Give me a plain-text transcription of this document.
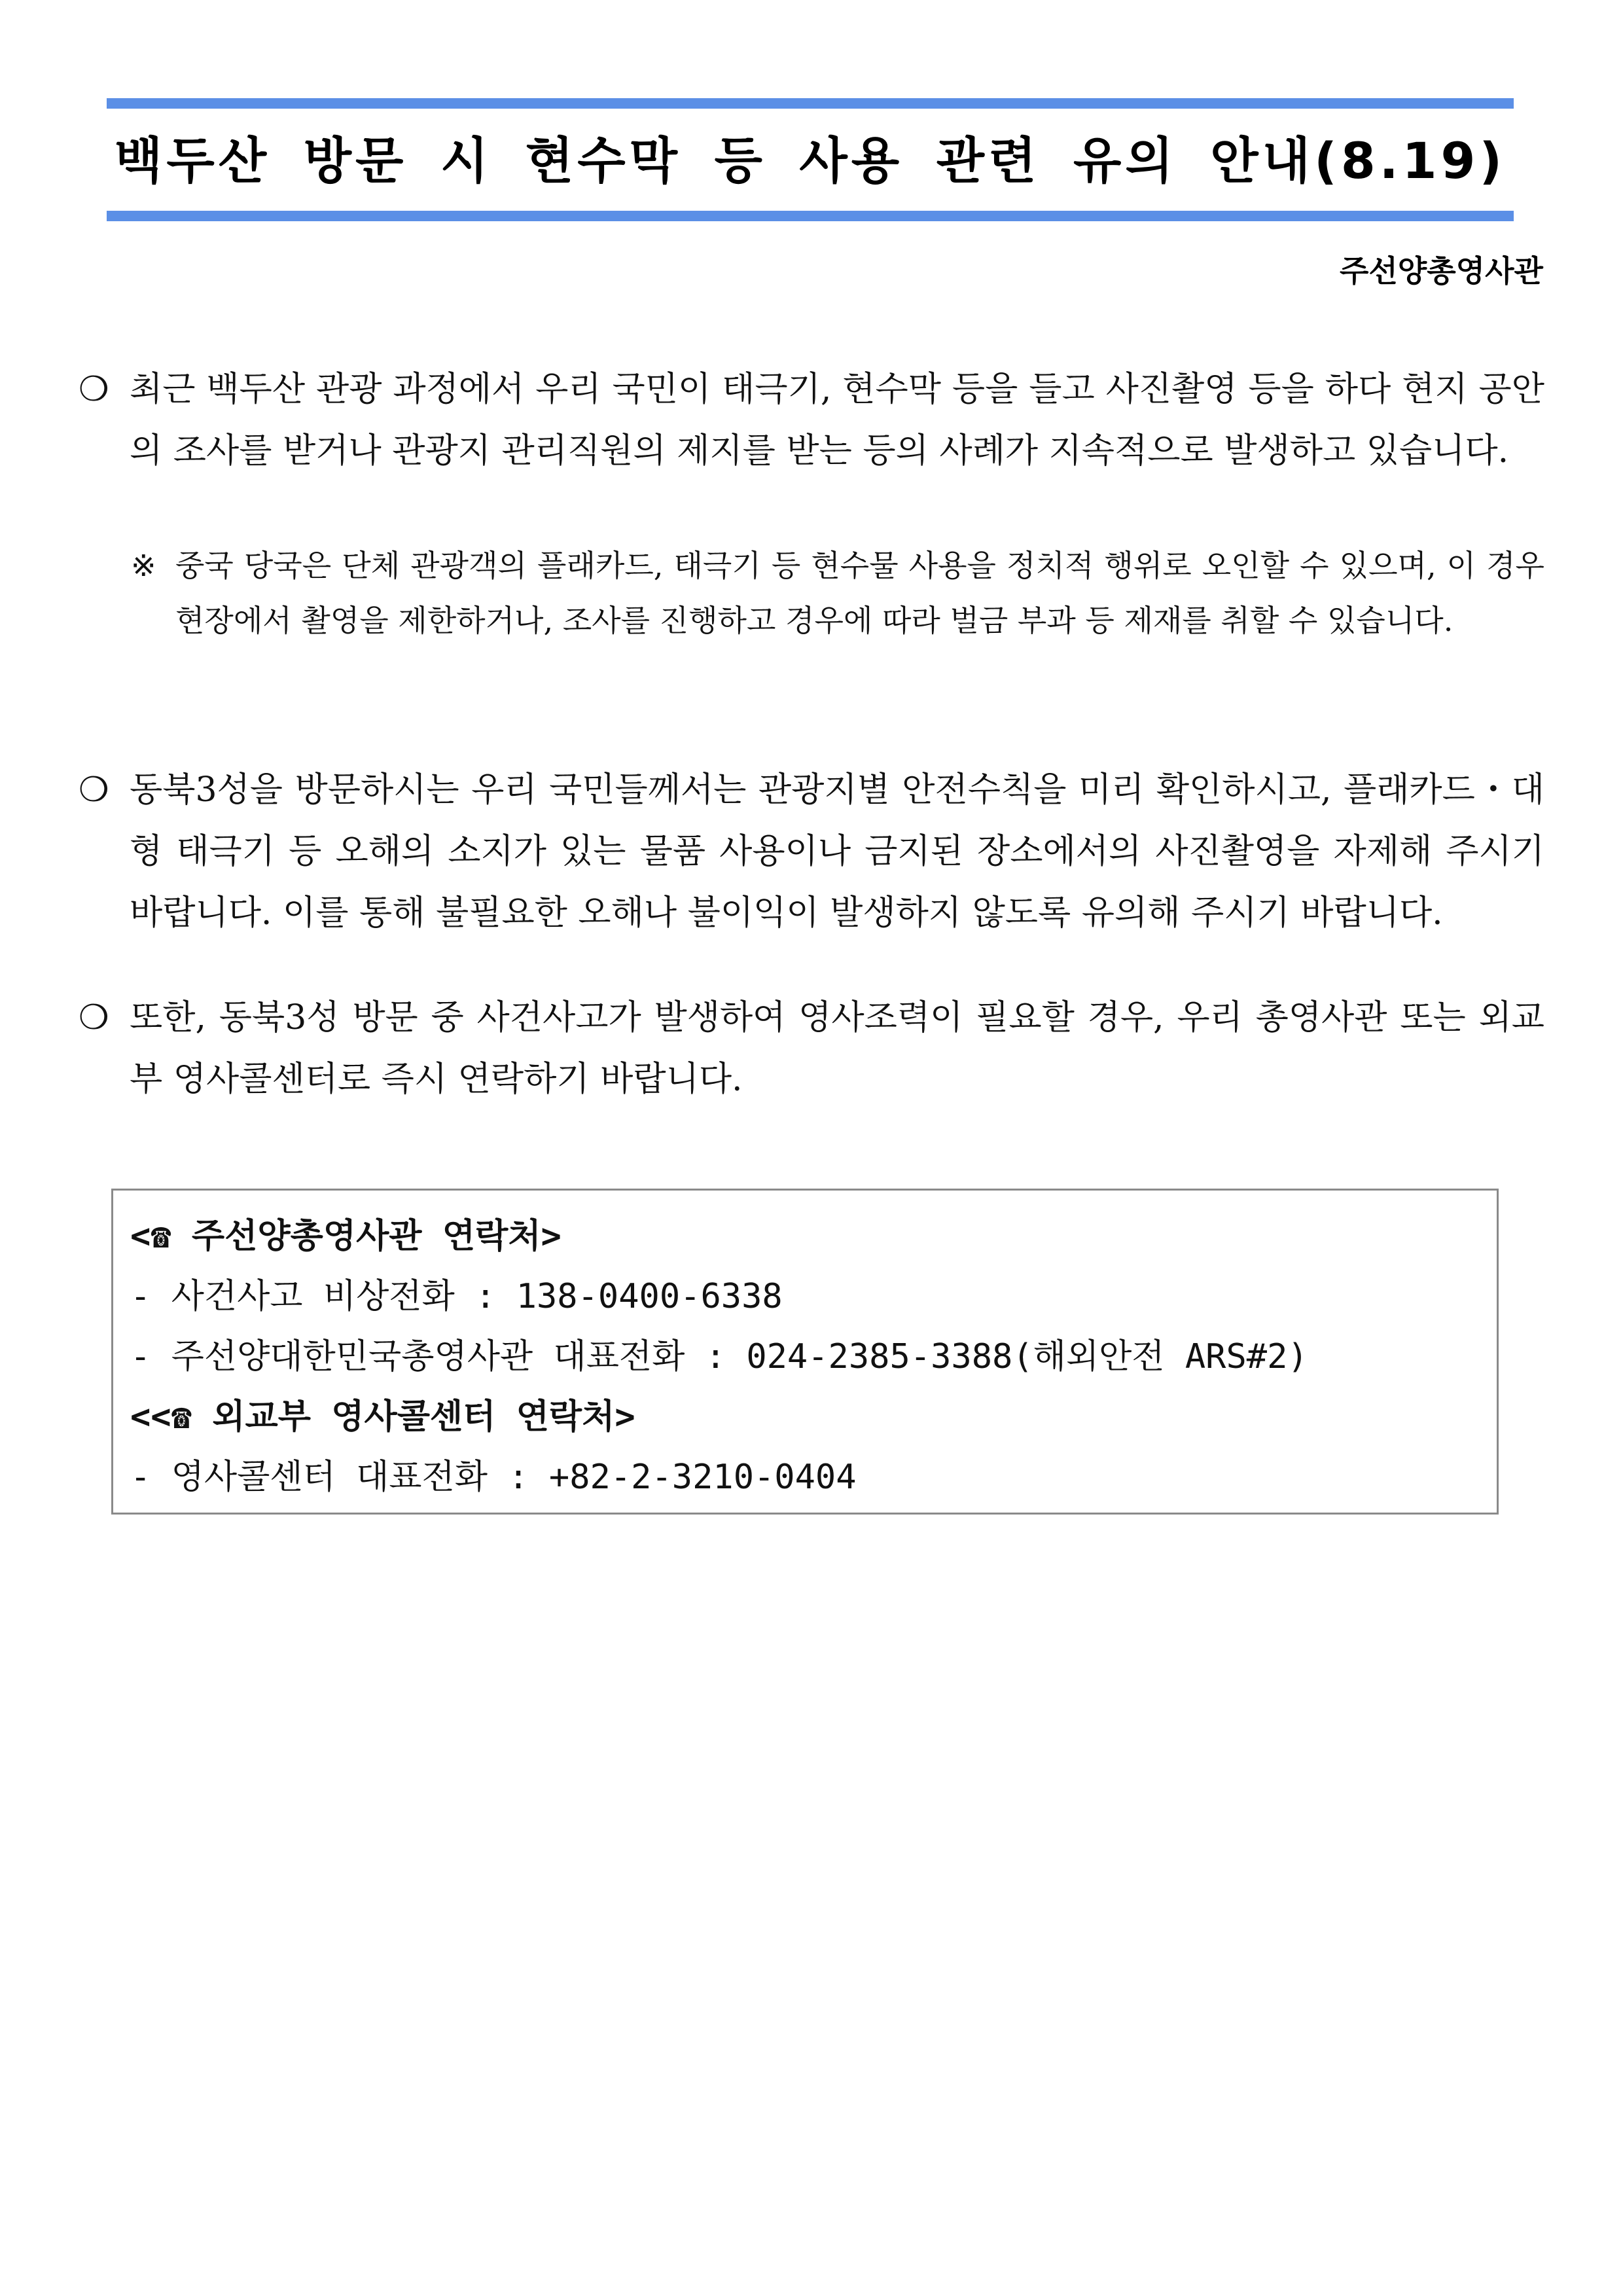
백두산 방문 시 현수막 등 사용 관련 유의 안내(8.19)
주선양총영사관
❍ 최근 백두산 관광 과정에서 우리 국민이 태극기, 현수막 등을 들고 사진촬영 등을 하다 현지 공안의 조사를 받거나 관광지 관리직원의 제지를 받는 등의 사례가 지속적으로 발생하고 있습니다.
※ 중국 당국은 단체 관광객의 플래카드, 태극기 등 현수물 사용을 정치적 행위로 오인할 수 있으며, 이 경우 현장에서 촬영을 제한하거나, 조사를 진행하고 경우에 따라 벌금 부과 등 제재를 취할 수 있습니다.
❍ 동북3성을 방문하시는 우리 국민들께서는 관광지별 안전수칙을 미리 확인하시고, 플래카드・대형 태극기 등 오해의 소지가 있는 물품 사용이나 금지된 장소에서의 사진촬영을 자제해 주시기 바랍니다. 이를 통해 불필요한 오해나 불이익이 발생하지 않도록 유의해 주시기 바랍니다.
❍ 또한, 동북3성 방문 중 사건사고가 발생하여 영사조력이 필요할 경우, 우리 총영사관 또는 외교부 영사콜센터로 즉시 연락하기 바랍니다.
<☎ 주선양총영사관 연락처>
- 사건사고 비상전화 : 138-0400-6338
- 주선양대한민국총영사관 대표전화 : 024-2385-3388(해외안전 ARS#2)
<<☎ 외교부 영사콜센터 연락처>
- 영사콜센터 대표전화 : +82-2-3210-0404
